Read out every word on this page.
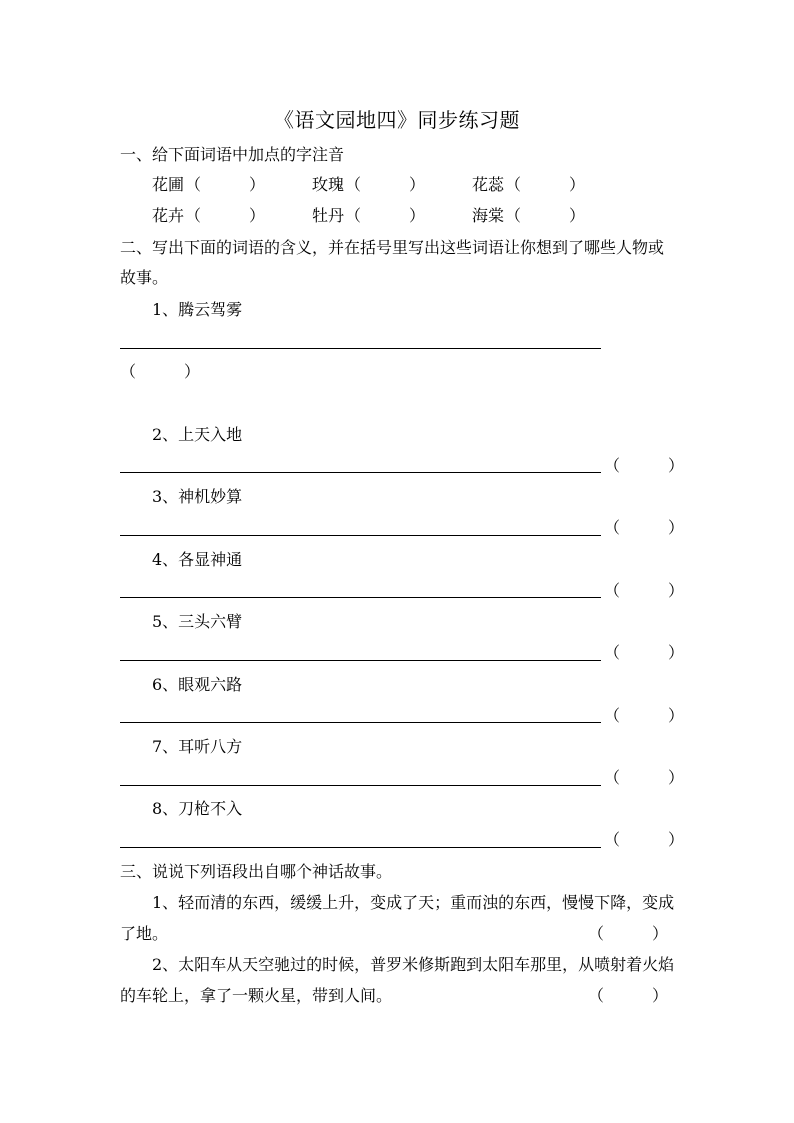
《语文园地四》同步练习题
一、给下面词语中加点的字注音
花圃 （　　　）	玫瑰 （　　　）	花蕊 （　　　）
花卉 （　　　）	牡丹 （　　　）	海棠 （　　　）
二、写出下面的词语的含义，并在括号里写出这些词语让你想到了哪些人物或
故事。
1、腾云驾雾
（　　　）
2、上天入地
（　　　）
3、神机妙算
（　　　）
4、各显神通
（　　　）
5、三头六臂
（　　　）
6、眼观六路
（　　　）
7、耳听八方
（　　　）
8、刀枪不入
（　　　）
三、说说下列语段出自哪个神话故事。
1、轻而清的东西，缓缓上升，变成了天；重而浊的东西，慢慢下降，变成
了地。	（　　　）
2、太阳车从天空驰过的时候，普罗米修斯跑到太阳车那里，从喷射着火焰
的车轮上，拿了一颗火星，带到人间。	（　　　）
